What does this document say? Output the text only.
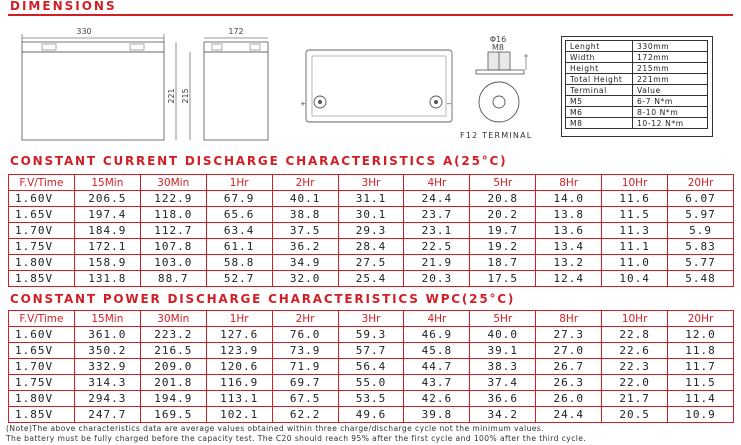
DIMENSIONS
330
221 215
172
+	−
Φ16
M8
F12 TERMINAL
Lenght	330mm
Width	172mm
Height	215mm
Total Height	221mm
Terminal	Value
M5	6-7 N*m
M6	8-10 N*m
M8	10-12 N*m
CONSTANT CURRENT DISCHARGE CHARACTERISTICS A(25°C)
F.V/Time	15Min	30Min	1Hr	2Hr	3Hr	4Hr	5Hr	8Hr	10Hr	20Hr
1.60V	206.5	122.9	67.9	40.1	31.1	24.4	20.8	14.0	11.6	6.07
1.65V	197.4	118.0	65.6	38.8	30.1	23.7	20.2	13.8	11.5	5.97
1.70V	184.9	112.7	63.4	37.5	29.3	23.1	19.7	13.6	11.3	5.9
1.75V	172.1	107.8	61.1	36.2	28.4	22.5	19.2	13.4	11.1	5.83
1.80V	158.9	103.0	58.8	34.9	27.5	21.9	18.7	13.2	11.0	5.77
1.85V	131.8	88.7	52.7	32.0	25.4	20.3	17.5	12.4	10.4	5.48
CONSTANT POWER DISCHARGE CHARACTERISTICS WPC(25°C)
F.V/Time	15Min	30Min	1Hr	2Hr	3Hr	4Hr	5Hr	8Hr	10Hr	20Hr
1.60V	361.0	223.2	127.6	76.0	59.3	46.9	40.0	27.3	22.8	12.0
1.65V	350.2	216.5	123.9	73.9	57.7	45.8	39.1	27.0	22.6	11.8
1.70V	332.9	209.0	120.6	71.9	56.4	44.7	38.3	26.7	22.3	11.7
1.75V	314.3	201.8	116.9	69.7	55.0	43.7	37.4	26.3	22.0	11.5
1.80V	294.3	194.9	113.1	67.5	53.5	42.6	36.6	26.0	21.7	11.4
1.85V	247.7	169.5	102.1	62.2	49.6	39.8	34.2	24.4	20.5	10.9
(Note)The above characteristics data are average values obtained within three charge/discharge cycle not the minimum values.
The battery must be fully charged before the capacity test. The C20 should reach 95% after the first cycle and 100% after the third cycle.
